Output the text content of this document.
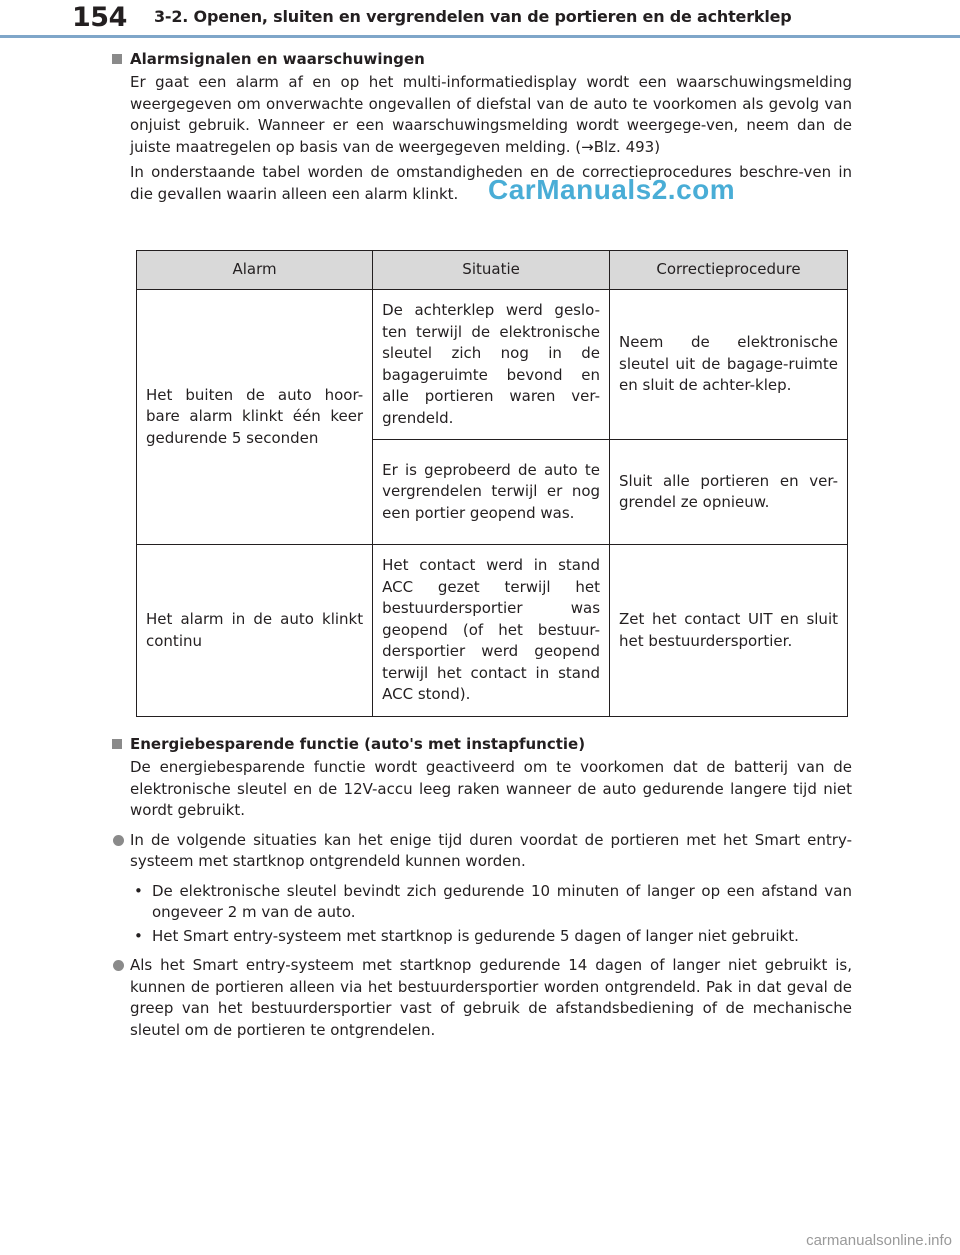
154 3-2. Openen, sluiten en vergrendelen van de portieren en de achterklep
Alarmsignalen en waarschuwingen

Er gaat een alarm af en op het multi-informatiedisplay wordt een waarschuwingsmelding weergegeven om onverwachte ongevallen of diefstal van de auto te voorkomen als gevolg van onjuist gebruik. Wanneer er een waarschuwingsmelding wordt weergege-ven, neem dan de juiste maatregelen op basis van de weergegeven melding. (→Blz. 493)

In onderstaande tabel worden de omstandigheden en de correctieprocedures beschre-ven in die gevallen waarin alleen een alarm klinkt.	CarManuals2.com
Alarm	Situatie	Correctieprocedure
Het buiten de auto hoor-bare alarm klinkt één keer gedurende 5 seconden	De achterklep werd geslo-ten terwijl de elektronische sleutel zich nog in de bagageruimte bevond en alle portieren waren ver-grendeld.	Neem de elektronische sleutel uit de bagage-ruimte en sluit de achter-klep.
	Er is geprobeerd de auto te vergrendelen terwijl er nog een portier geopend was.	Sluit alle portieren en ver-grendel ze opnieuw.
Het alarm in de auto klinkt continu	Het contact werd in stand ACC gezet terwijl het bestuurdersportier was geopend (of het bestuur-dersportier werd geopend terwijl het contact in stand ACC stond).	Zet het contact UIT en sluit het bestuurdersportier.
Energiebesparende functie (auto's met instapfunctie)

De energiebesparende functie wordt geactiveerd om te voorkomen dat de batterij van de elektronische sleutel en de 12V-accu leeg raken wanneer de auto gedurende langere tijd niet wordt gebruikt.

In de volgende situaties kan het enige tijd duren voordat de portieren met het Smart entry-systeem met startknop ontgrendeld kunnen worden.
• De elektronische sleutel bevindt zich gedurende 10 minuten of langer op een afstand van ongeveer 2 m van de auto.
• Het Smart entry-systeem met startknop is gedurende 5 dagen of langer niet gebruikt.
Als het Smart entry-systeem met startknop gedurende 14 dagen of langer niet gebruikt is, kunnen de portieren alleen via het bestuurdersportier worden ontgrendeld. Pak in dat geval de greep van het bestuurdersportier vast of gebruik de afstandsbediening of de mechanische sleutel om de portieren te ontgrendelen.
carmanualsonline.info
